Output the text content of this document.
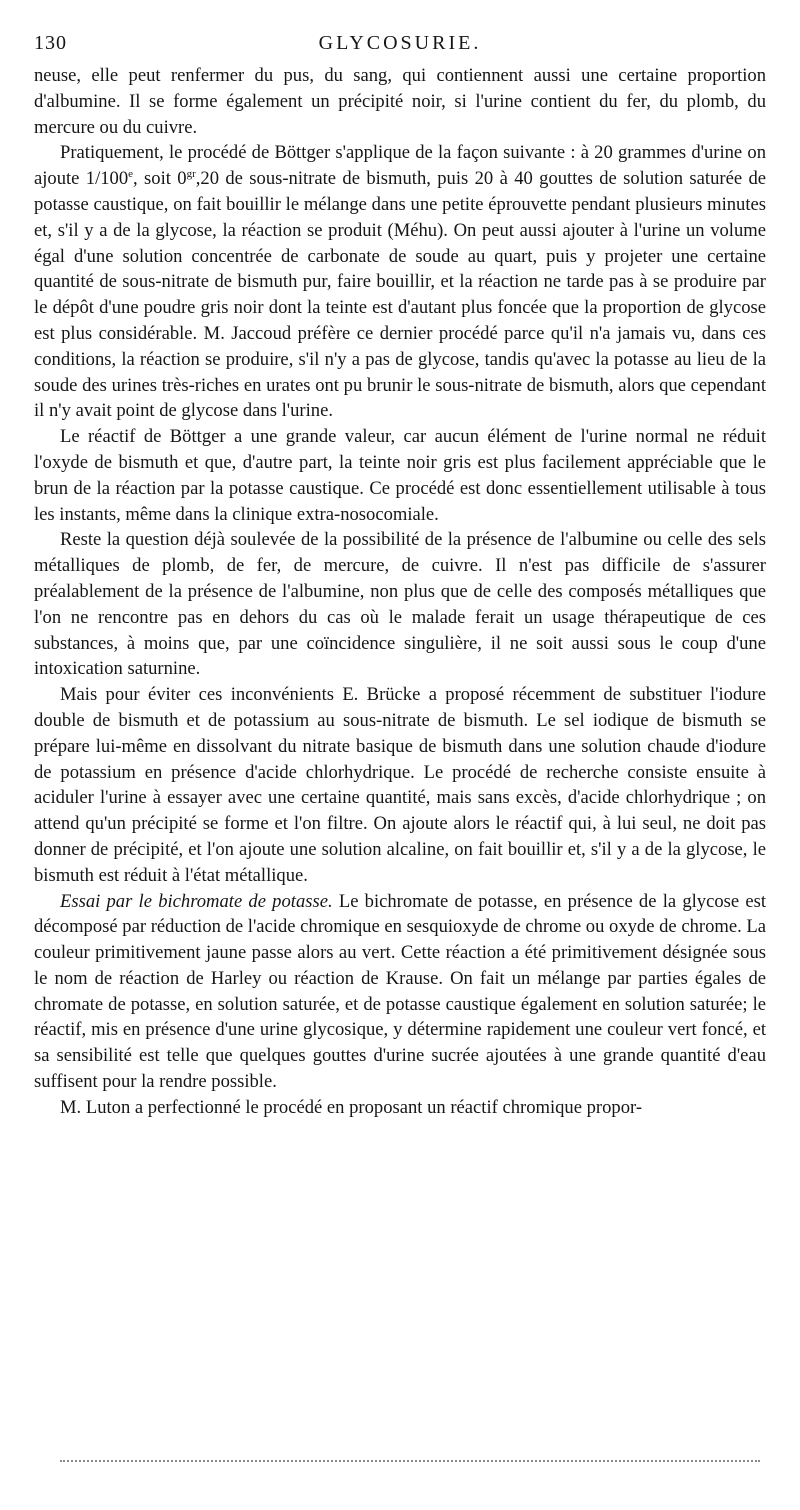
130	GLYCOSURIE.

neuse, elle peut renfermer du pus, du sang, qui contiennent aussi une certaine proportion d'albumine. Il se forme également un précipité noir, si l'urine contient du fer, du plomb, du mercure ou du cuivre.

Pratiquement, le procédé de Böttger s'applique de la façon suivante : à 20 grammes d'urine on ajoute 1/100e, soit $0^{gr},20$ de sous-nitrate de bismuth, puis 20 à 40 gouttes de solution saturée de potasse caustique, on fait bouillir le mélange dans une petite éprouvette pendant plusieurs minutes et, s'il y a de la glycose, la réaction se produit (Méhu). On peut aussi ajouter à l'urine un volume égal d'une solution concentrée de carbonate de soude au quart, puis y projeter une certaine quantité de sous-nitrate de bismuth pur, faire bouillir, et la réaction ne tarde pas à se produire par le dépôt d'une poudre gris noir dont la teinte est d'autant plus foncée que la proportion de glycose est plus considérable. M. Jaccoud préfère ce dernier procédé parce qu'il n'a jamais vu, dans ces conditions, la réaction se produire, s'il n'y a pas de glycose, tandis qu'avec la potasse au lieu de la soude des urines très-riches en urates ont pu brunir le sous-nitrate de bismuth, alors que cependant il n'y avait point de glycose dans l'urine.

Le réactif de Böttger a une grande valeur, car aucun élément de l'urine normal ne réduit l'oxyde de bismuth et que, d'autre part, la teinte noir gris est plus facilement appréciable que le brun de la réaction par la potasse caustique. Ce procédé est donc essentiellement utilisable à tous les instants, même dans la clinique extra-nosocomiale.

Reste la question déjà soulevée de la possibilité de la présence de l'albumine ou celle des sels métalliques de plomb, de fer, de mercure, de cuivre. Il n'est pas difficile de s'assurer préalablement de la présence de l'albumine, non plus que de celle des composés métalliques que l'on ne rencontre pas en dehors du cas où le malade ferait un usage thérapeutique de ces substances, à moins que, par une coïncidence singulière, il ne soit aussi sous le coup d'une intoxication saturnine.

Mais pour éviter ces inconvénients E. Brücke a proposé récemment de substituer l'iodure double de bismuth et de potassium au sous-nitrate de bismuth. Le sel iodique de bismuth se prépare lui-même en dissolvant du nitrate basique de bismuth dans une solution chaude d'iodure de potassium en présence d'acide chlorhydrique. Le procédé de recherche consiste ensuite à aciduler l'urine à essayer avec une certaine quantité, mais sans excès, d'acide chlorhydrique ; on attend qu'un précipité se forme et l'on filtre. On ajoute alors le réactif qui, à lui seul, ne doit pas donner de précipité, et l'on ajoute une solution alcaline, on fait bouillir et, s'il y a de la glycose, le bismuth est réduit à l'état métallique.

Essai par le bichromate de potasse. Le bichromate de potasse, en présence de la glycose est décomposé par réduction de l'acide chromique en sesquioxyde de chrome ou oxyde de chrome. La couleur primitivement jaune passe alors au vert. Cette réaction a été primitivement désignée sous le nom de réaction de Harley ou réaction de Krause. On fait un mélange par parties égales de chromate de potasse, en solution saturée, et de potasse caustique également en solution saturée; le réactif, mis en présence d'une urine glycosique, y détermine rapidement une couleur vert foncé, et sa sensibilité est telle que quelques gouttes d'urine sucrée ajoutées à une grande quantité d'eau suffisent pour la rendre possible.

M. Luton a perfectionné le procédé en proposant un réactif chromique propor-
